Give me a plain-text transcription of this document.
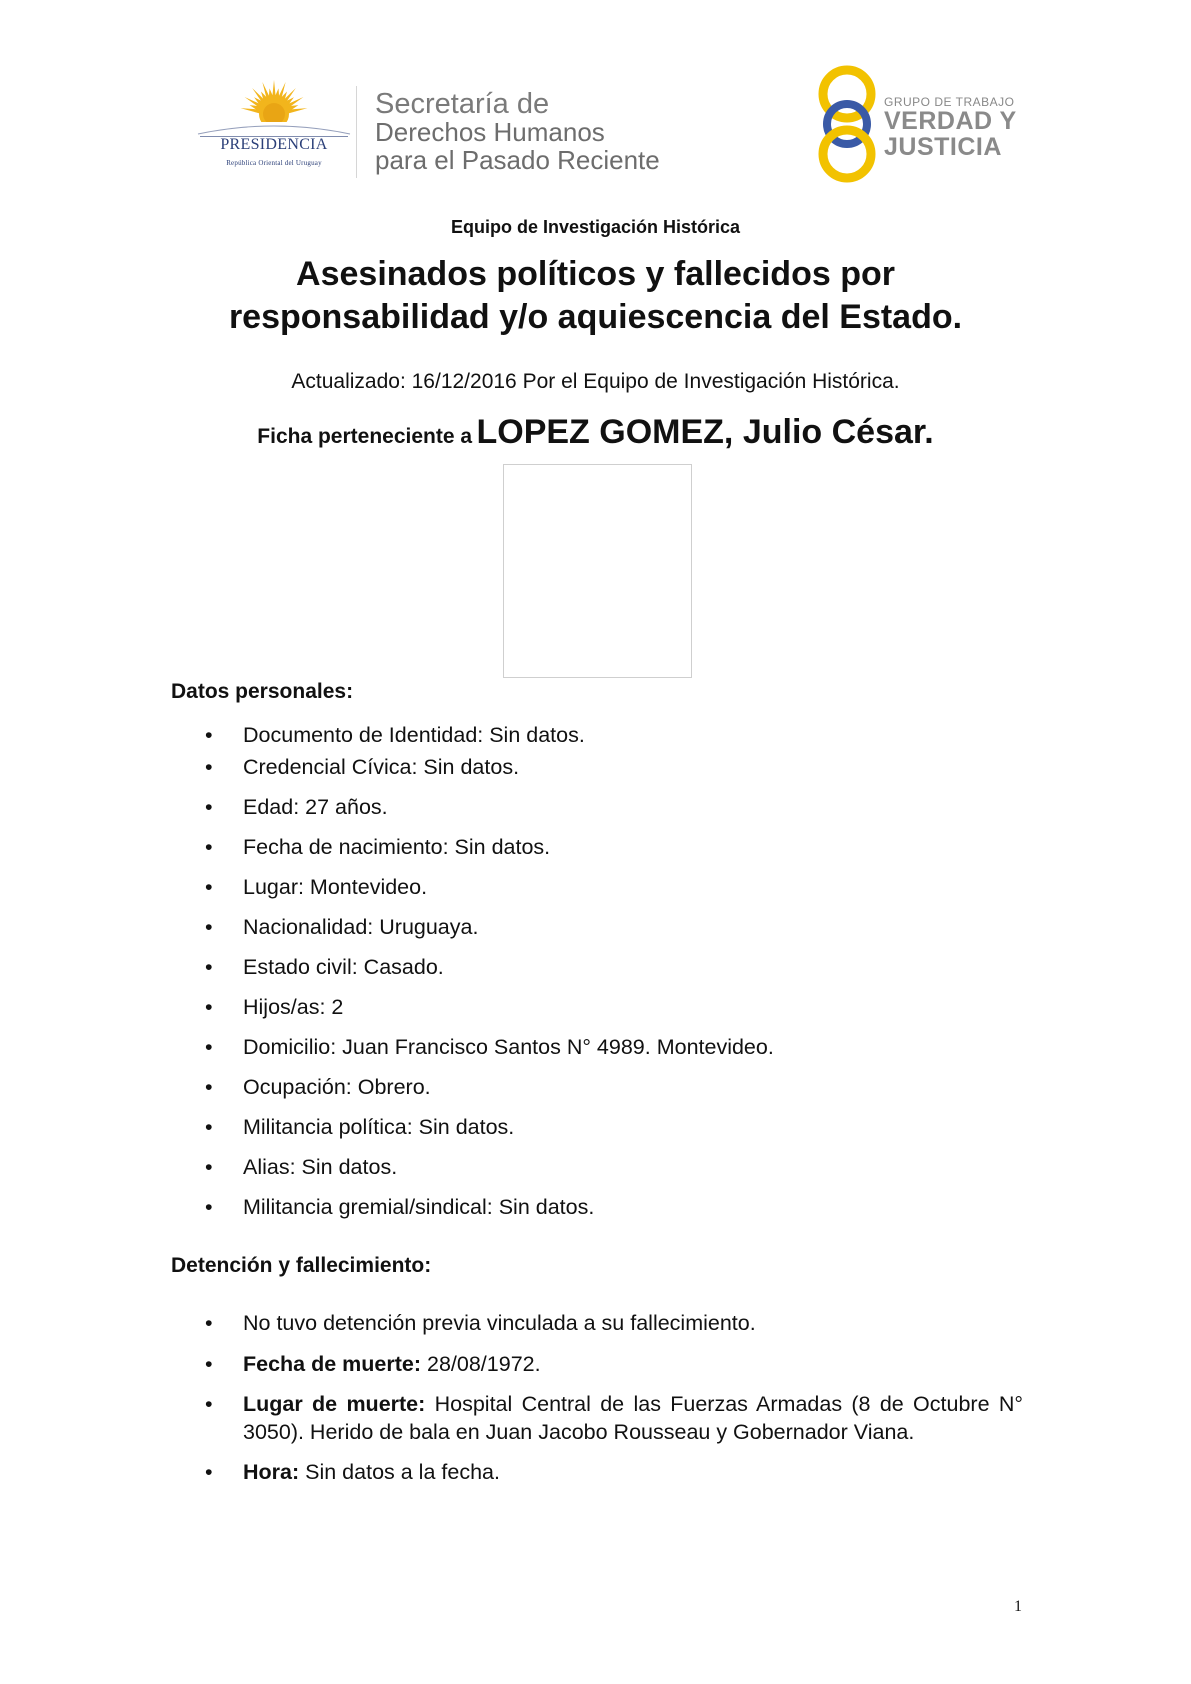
PRESIDENCIA
República Oriental del Uruguay
Secretaría de
Derechos Humanos
para el Pasado Reciente
GRUPO DE TRABAJO
VERDAD Y
JUSTICIA
Equipo de Investigación Histórica
Asesinados políticos y fallecidos por
responsabilidad y/o aquiescencia del Estado.
Actualizado: 16/12/2016 Por el Equipo de Investigación Histórica.
Ficha perteneciente a LOPEZ GOMEZ, Julio César.
Datos personales:
• Documento de Identidad: Sin datos.
• Credencial Cívica: Sin datos.
• Edad: 27 años.
• Fecha de nacimiento: Sin datos.
• Lugar: Montevideo.
• Nacionalidad: Uruguaya.
• Estado civil: Casado.
• Hijos/as: 2
• Domicilio: Juan Francisco Santos N° 4989. Montevideo.
• Ocupación: Obrero.
• Militancia política: Sin datos.
• Alias: Sin datos.
• Militancia gremial/sindical: Sin datos.
Detención y fallecimiento:
• No tuvo detención previa vinculada a su fallecimiento.
• Fecha de muerte: 28/08/1972.
• Lugar de muerte: Hospital Central de las Fuerzas Armadas (8 de Octubre N° 3050). Herido de bala en Juan Jacobo Rousseau y Gobernador Viana.
• Hora: Sin datos a la fecha.
1
